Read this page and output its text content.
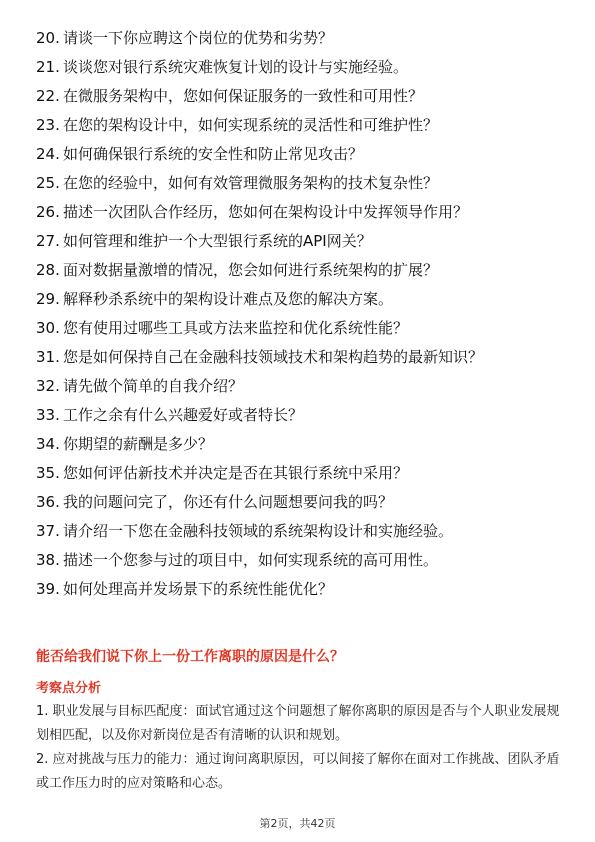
20. 请谈一下你应聘这个岗位的优势和劣势？
21. 谈谈您对银行系统灾难恢复计划的设计与实施经验。
22. 在微服务架构中，您如何保证服务的一致性和可用性？
23. 在您的架构设计中，如何实现系统的灵活性和可维护性？
24. 如何确保银行系统的安全性和防止常见攻击？
25. 在您的经验中，如何有效管理微服务架构的技术复杂性？
26. 描述一次团队合作经历，您如何在架构设计中发挥领导作用？
27. 如何管理和维护一个大型银行系统的API网关？
28. 面对数据量激增的情况，您会如何进行系统架构的扩展？
29. 解释秒杀系统中的架构设计难点及您的解决方案。
30. 您有使用过哪些工具或方法来监控和优化系统性能？
31. 您是如何保持自己在金融科技领域技术和架构趋势的最新知识？
32. 请先做个简单的自我介绍？
33. 工作之余有什么兴趣爱好或者特长？
34. 你期望的薪酬是多少？
35. 您如何评估新技术并决定是否在其银行系统中采用？
36. 我的问题问完了，你还有什么问题想要问我的吗？
37. 请介绍一下您在金融科技领域的系统架构设计和实施经验。
38. 描述一个您参与过的项目中，如何实现系统的高可用性。
39. 如何处理高并发场景下的系统性能优化？
能否给我们说下你上一份工作离职的原因是什么？
考察点分析

1. 职业发展与目标匹配度：面试官通过这个问题想了解你离职的原因是否与个人职业发展规划相匹配，以及你对新岗位是否有清晰的认识和规划。

2. 应对挑战与压力的能力：通过询问离职原因，可以间接了解你在面对工作挑战、团队矛盾或工作压力时的应对策略和心态。

第2页，共42页
